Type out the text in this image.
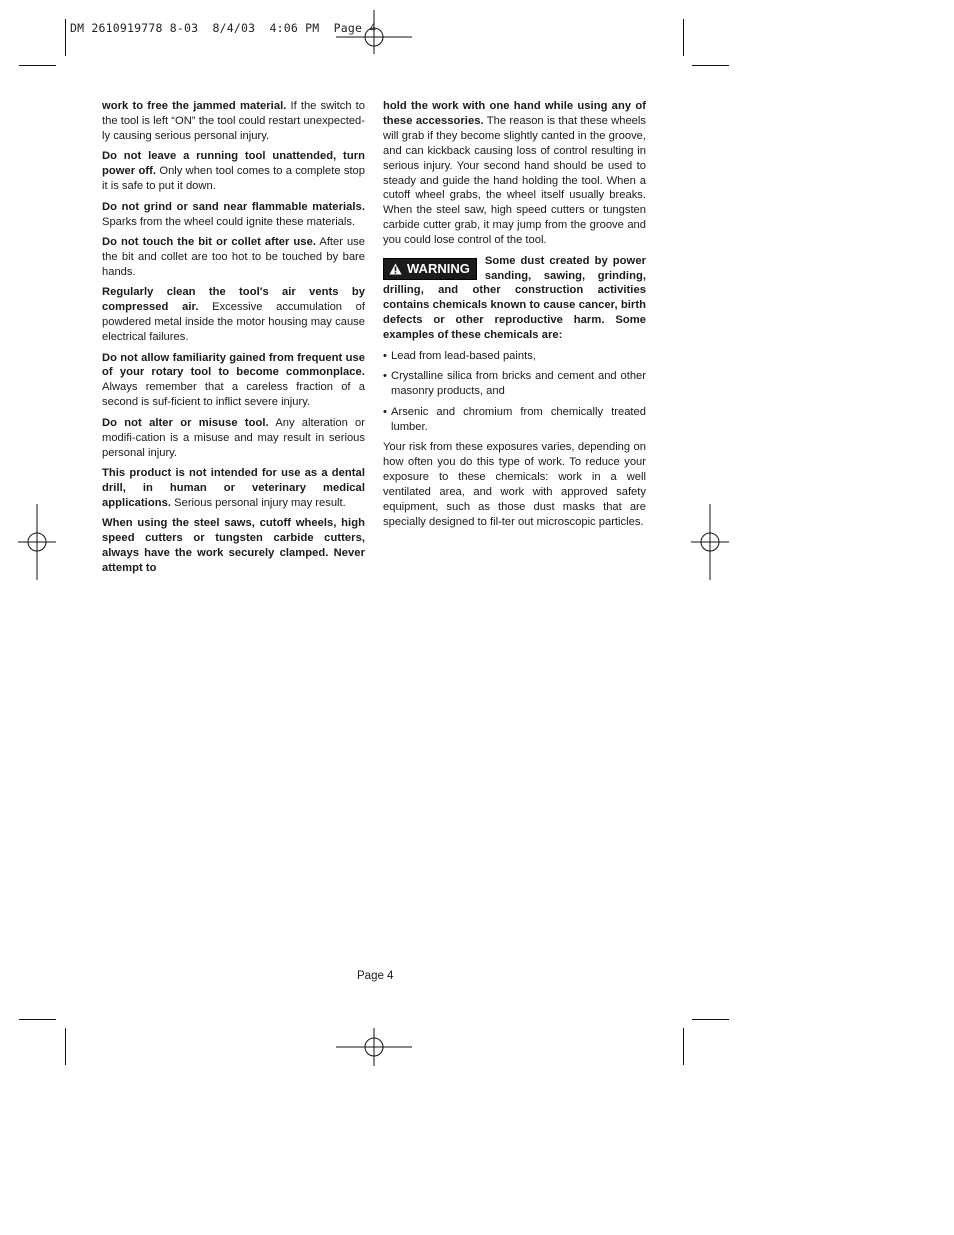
DM 2610919778 8-03  8/4/03  4:06 PM  Page 4

work to free the jammed material. If the switch to the tool is left “ON” the tool could restart unexpected-ly causing serious personal injury.

Do not leave a running tool unattended, turn power off. Only when tool comes to a complete stop it is safe to put it down.

Do not grind or sand near flammable materials. Sparks from the wheel could ignite these materials.

Do not touch the bit or collet after use. After use the bit and collet are too hot to be touched by bare hands.

Regularly clean the tool's air vents by compressed air. Excessive accumulation of powdered metal inside the motor housing may cause electrical failures.

Do not allow familiarity gained from frequent use of your rotary tool to become commonplace. Always remember that a careless fraction of a second is suf-ficient to inflict severe injury.

Do not alter or misuse tool. Any alteration or modifi-cation is a misuse and may result in serious personal injury.

This product is not intended for use as a dental drill, in human or veterinary medical applications. Serious personal injury may result.

When using the steel saws, cutoff wheels, high speed cutters or tungsten carbide cutters, always have the work securely clamped. Never attempt to

hold the work with one hand while using any of these accessories. The reason is that these wheels will grab if they become slightly canted in the groove, and can kickback causing loss of control resulting in serious injury. Your second hand should be used to steady and guide the hand holding the tool. When a cutoff wheel grabs, the wheel itself usually breaks. When the steel saw, high speed cutters or tungsten carbide cutter grab, it may jump from the groove and you could lose control of the tool.

WARNING Some dust created by power sanding, sawing, grinding, drilling, and other construction activities contains chemicals known to cause cancer, birth defects or other reproductive harm. Some examples of these chemicals are:
• Lead from lead-based paints,
• Crystalline silica from bricks and cement and other masonry products, and
• Arsenic and chromium from chemically treated lumber.

Your risk from these exposures varies, depending on how often you do this type of work. To reduce your exposure to these chemicals: work in a well ventilated area, and work with approved safety equipment, such as those dust masks that are specially designed to fil-ter out microscopic particles.

Page 4
